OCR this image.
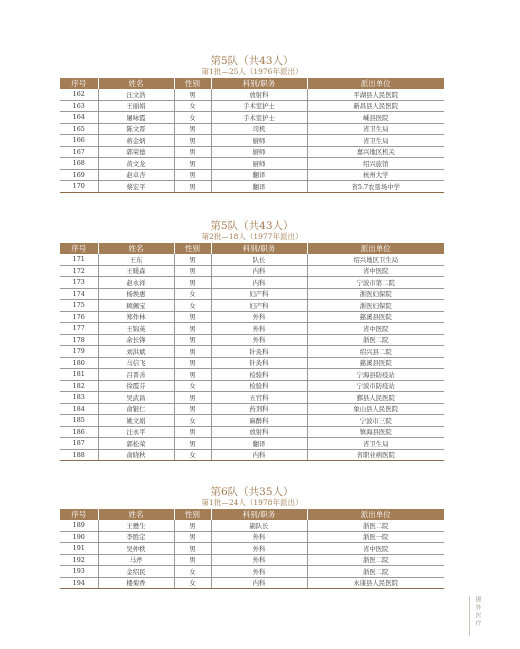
第5队（共43人）
第1批—25人（1976年派出）
序号	姓名	性别	科别/职务	派出单位
162	汪文浩	男	放射科	平湖县人民医院
163	王丽娟	女	手术室护士	新昌县人民医院
164	屠咏霞	女	手术室护士	嵊县医院
165	陈文晋	男	司机	省卫生局
166	蒋金炳	男	厨师	省卫生局
167	郭荣德	男	厨师	嘉兴地区机关
168	黄文龙	男	厨师	绍兴旅馆
169	赵卓杏	男	翻译	杭州大学
170	蔡宏平	男	翻译	省5.7农垦场中学
第5队（共43人）
第2批—18人（1977年派出）
序号	姓名	性别	科别/职务	派出单位
171	王东	男	队长	绍兴地区卫生局
172	王暖森	男	内科	省中医院
173	赵永祥	男	内科	宁波市第二院
174	杨焕惠	女	妇产科	浙医妇保院
175	顾佩宝	女	妇产科	浙医妇保院
176	郑作林	男	外科	慈溪县医院
177	王锦英	男	外科	省中医院
178	余长锋	男	外科	浙医二院
179	刘洪斌	男	针灸科	绍兴县二院
180	马信飞	男	针灸科	慈溪县医院
181	吕晋善	男	检验科	宁海县防疫站
182	徐霞芬	女	检验科	宁波市防疫站
183	吴武昌	男	五官科	鄞县人民医院
184	俞银仁	男	药剂科	象山县人民医院
185	姚文娟	女	麻醉科	宁波市三院
186	汪永平	男	放射科	镇海县医院
187	郭松荣	男	翻译	省卫生局
188	俞晓秋	女	内科	省职业病医院
第6队（共35人）
第1批—24人（1978年派出）
序号	姓名	性别	科别/职务	派出单位
189	王懋生	男	副队长	浙医二院
190	李胜定	男	外科	浙医一院
191	吴仲秩	男	外科	省中医院
192	马斧	男	外科	浙医二院
193	金绍民	女	外科	浙医二院
194	楼菊香	女	内科	永康县人民医院
援外医疗
